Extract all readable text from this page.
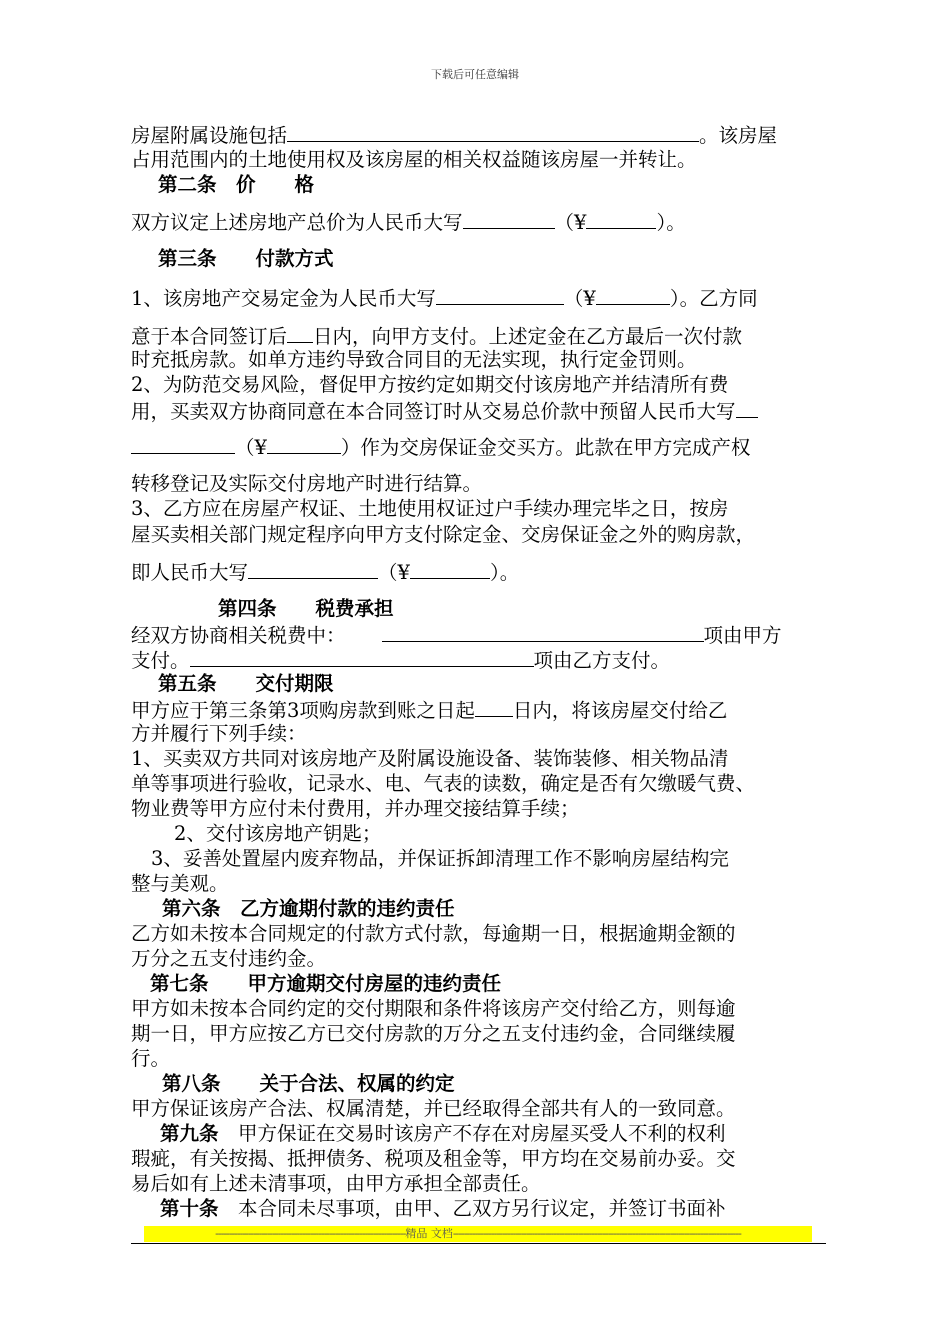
下载后可任意编辑
房屋附属设施包括	。该房屋
占用范围内的土地使用权及该房屋的相关权益随该房屋一并转让。
第二条　价　　格
双方议定上述房地产总价为人民币大写	（¥	）。
第三条　　付款方式
1、该房地产交易定金为人民币大写	（¥	）。乙方同
意于本合同签订后 日内，向甲方支付。上述定金在乙方最后一次付款
时充抵房款。如单方违约导致合同目的无法实现，执行定金罚则。
2、为防范交易风险，督促甲方按约定如期交付该房地产并结清所有费
用，买卖双方协商同意在本合同签订时从交易总价款中预留人民币大写
（¥	）作为交房保证金交买方。此款在甲方完成产权
转移登记及实际交付房地产时进行结算。
3、乙方应在房屋产权证、土地使用权证过户手续办理完毕之日，按房
屋买卖相关部门规定程序向甲方支付除定金、交房保证金之外的购房款，
即人民币大写	（¥	）。
第四条　　税费承担
经双方协商相关税费中：	项由甲方
支付。	项由乙方支付。
第五条　　交付期限
甲方应于第三条第3项购房款到账之日起 日内，将该房屋交付给乙
方并履行下列手续：
1、买卖双方共同对该房地产及附属设施设备、装饰装修、相关物品清
单等事项进行验收，记录水、电、气表的读数，确定是否有欠缴暖气费、
物业费等甲方应付未付费用，并办理交接结算手续；
2、交付该房地产钥匙；
3、妥善处置屋内废弃物品，并保证拆卸清理工作不影响房屋结构完
整与美观。
第六条　乙方逾期付款的违约责任
乙方如未按本合同规定的付款方式付款，每逾期一日，根据逾期金额的
万分之五支付违约金。
第七条　　甲方逾期交付房屋的违约责任
甲方如未按本合同约定的交付期限和条件将该房产交付给乙方，则每逾
期一日，甲方应按乙方已交付房款的万分之五支付违约金，合同继续履
行。
第八条　　关于合法、权属的约定
甲方保证该房产合法、权属清楚，并已经取得全部共有人的一致同意。
第九条　甲方保证在交易时该房产不存在对房屋买受人不利的权利
瑕疵，有关按揭、抵押债务、税项及租金等，甲方均在交易前办妥。交
易后如有上述未清事项，由甲方承担全部责任。
第十条　本合同未尽事项，由甲、乙双方另行议定，并签订书面补
----------------------------------------------------------------------精品 文档----------------------------------------------------------------------------------------------------------
